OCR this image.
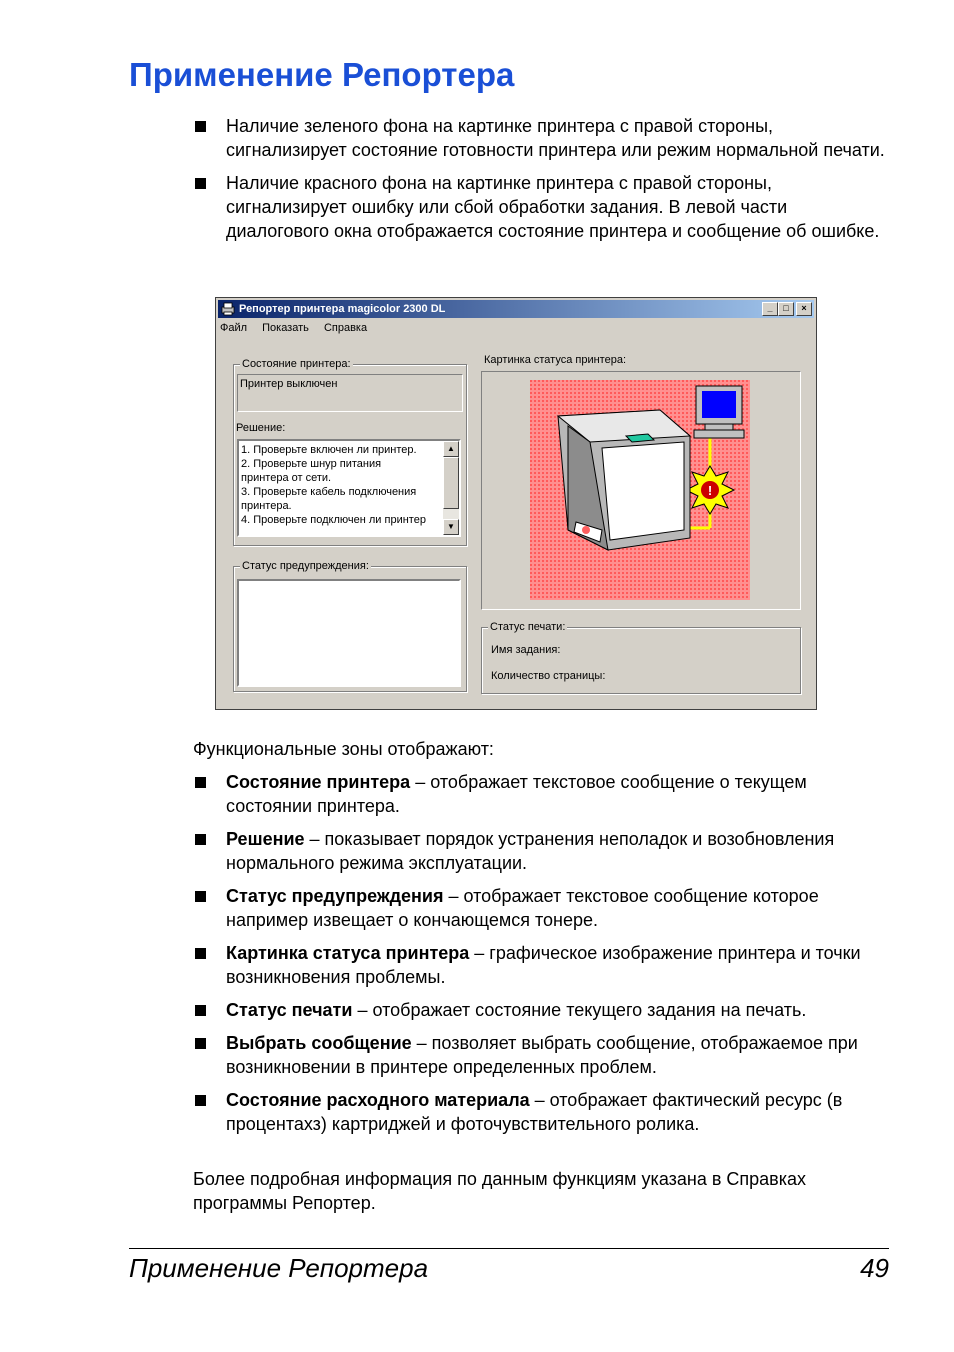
Применение Репортера
Наличие зеленого фона на картинке принтера с правой стороны, сигнализирует состояние готовности принтера или режим нормальной печати.
Наличие красного фона на картинке принтера с правой стороны, сигнализирует ошибку или сбой обработки задания. В левой части диалогового окна отображается состояние принтера и сообщение об ошибке.
Репортер принтера magicolor 2300 DL	_	□	×
Файл Показать Справка
Состояние принтера:
Принтер выключен
Решение:
1. Проверьте включен ли принтер.
2. Проверьте шнур питания
принтера от сети.
3. Проверьте кабель подключения
принтера.
4. Проверьте подключен ли принтер
▲
▼
Статус предупреждения:
Картинка статуса принтера:
!
Статус печати:
Имя задания:
Количество страницы:

Функциональные зоны отображают:

Состояние принтера – отображает текстовое сообщение о текущем состоянии принтера.
Решение – показывает порядок устранения неполадок и возобновления нормального режима эксплуатации.
Статус предупреждения – отображает текстовое сообщение которое например извещает о кончающемся тонере.
Картинка статуса принтера – графическое изображение принтера и точки возникновения проблемы.
Статус печати – отображает состояние текущего задания на печать.
Выбрать сообщение – позволяет выбрать сообщение, отображаемое при возникновении в принтере определенных проблем.
Состояние расходного материала – отображает фактический ресурс (в процентахз) картриджей и фоточувствительного ролика.

Более подробная информация по данным функциям указана в Справках программы Репортер.

Применение Репортера	49
